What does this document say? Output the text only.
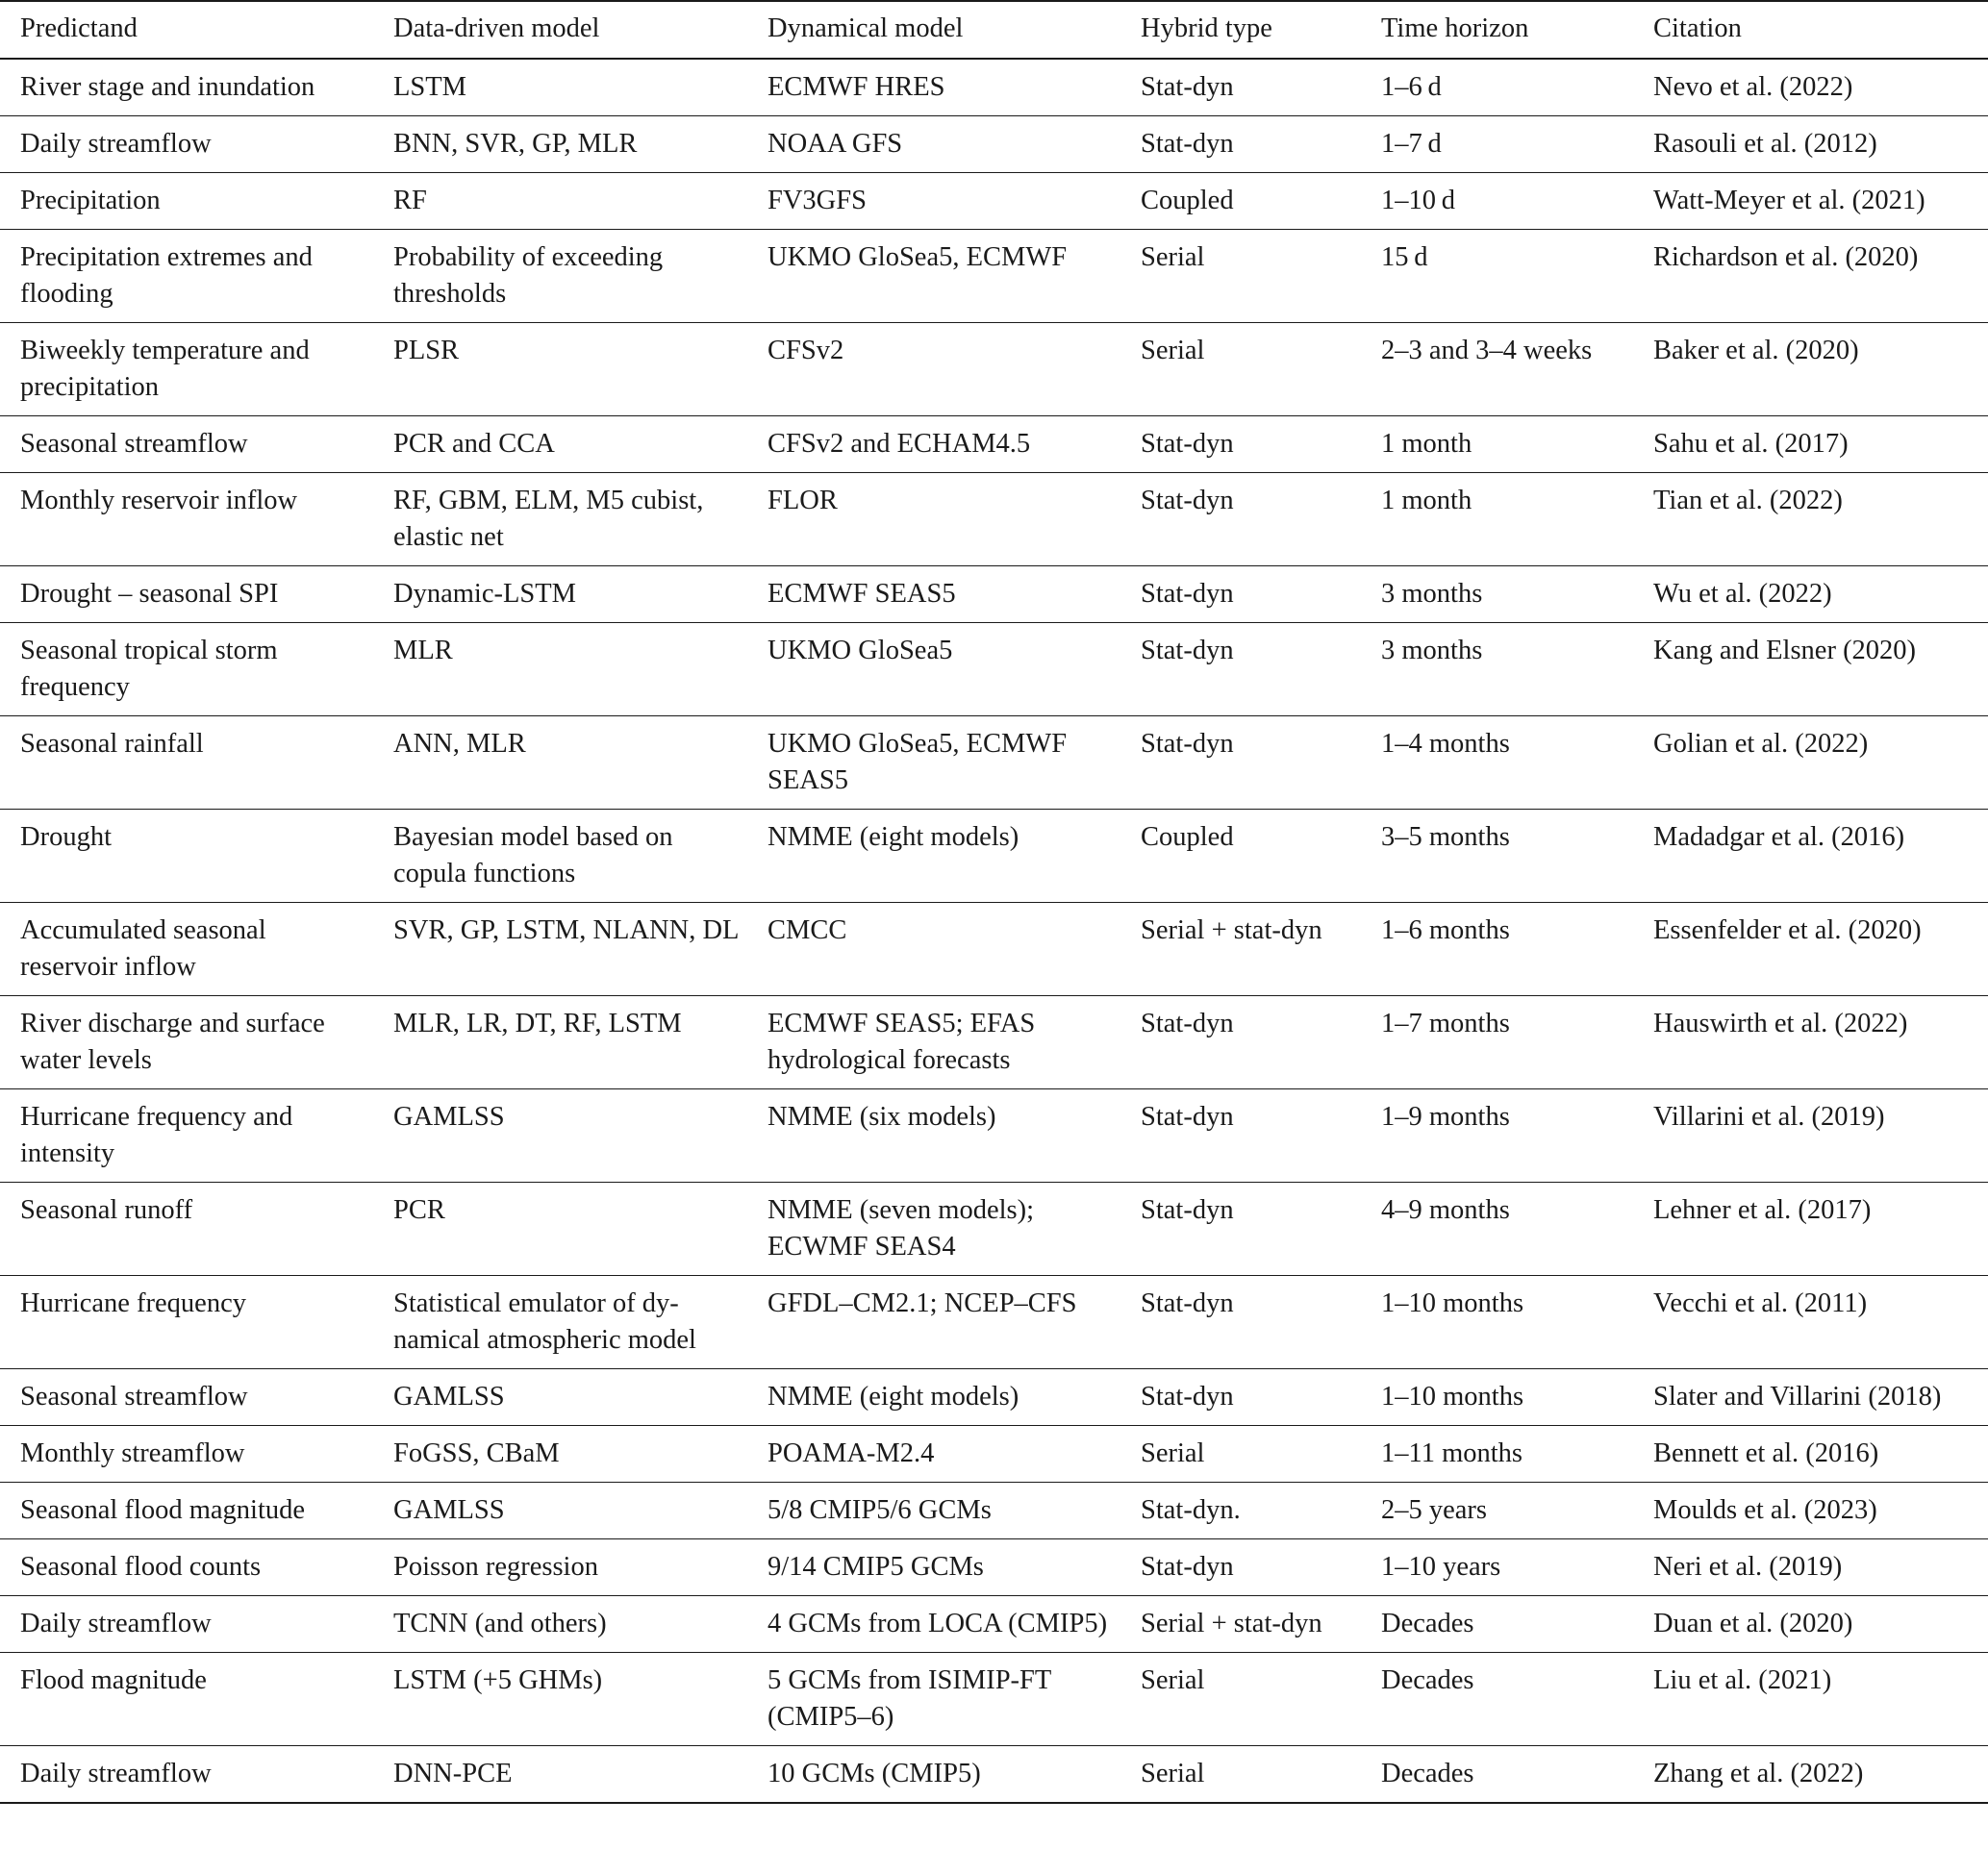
Predictand	Data-driven model	Dynamical model	Hybrid type	Time horizon	Citation
River stage and inundation	LSTM	ECMWF HRES	Stat-dyn	1–6 d	Nevo et al. (2022)
Daily streamflow	BNN, SVR, GP, MLR	NOAA GFS	Stat-dyn	1–7 d	Rasouli et al. (2012)
Precipitation	RF	FV3GFS	Coupled	1–10 d	Watt-Meyer et al. (2021)
Precipitation extremes and flooding	Probability of exceeding thresholds	UKMO GloSea5, ECMWF	Serial	15 d	Richardson et al. (2020)
Biweekly temperature and precipitation	PLSR	CFSv2	Serial	2–3 and 3–4 weeks	Baker et al. (2020)
Seasonal streamflow	PCR and CCA	CFSv2 and ECHAM4.5	Stat-dyn	1 month	Sahu et al. (2017)
Monthly reservoir inflow	RF, GBM, ELM, M5 cubist, elastic net	FLOR	Stat-dyn	1 month	Tian et al. (2022)
Drought – seasonal SPI	Dynamic-LSTM	ECMWF SEAS5	Stat-dyn	3 months	Wu et al. (2022)
Seasonal tropical storm frequency	MLR	UKMO GloSea5	Stat-dyn	3 months	Kang and Elsner (2020)
Seasonal rainfall	ANN, MLR	UKMO GloSea5, ECMWF SEAS5	Stat-dyn	1–4 months	Golian et al. (2022)
Drought	Bayesian model based on copula functions	NMME (eight models)	Coupled	3–5 months	Madadgar et al. (2016)
Accumulated seasonal reservoir inflow	SVR, GP, LSTM, NLANN, DL	CMCC	Serial + stat-dyn	1–6 months	Essenfelder et al. (2020)
River discharge and surface water levels	MLR, LR, DT, RF, LSTM	ECMWF SEAS5; EFAS hydrological forecasts	Stat-dyn	1–7 months	Hauswirth et al. (2022)
Hurricane frequency and intensity	GAMLSS	NMME (six models)	Stat-dyn	1–9 months	Villarini et al. (2019)
Seasonal runoff	PCR	NMME (seven models); ECWMF SEAS4	Stat-dyn	4–9 months	Lehner et al. (2017)
Hurricane frequency	Statistical emulator of dy-namical atmospheric model	GFDL–CM2.1; NCEP–CFS	Stat-dyn	1–10 months	Vecchi et al. (2011)
Seasonal streamflow	GAMLSS	NMME (eight models)	Stat-dyn	1–10 months	Slater and Villarini (2018)
Monthly streamflow	FoGSS, CBaM	POAMA-M2.4	Serial	1–11 months	Bennett et al. (2016)
Seasonal flood magnitude	GAMLSS	5/8 CMIP5/6 GCMs	Stat-dyn.	2–5 years	Moulds et al. (2023)
Seasonal flood counts	Poisson regression	9/14 CMIP5 GCMs	Stat-dyn	1–10 years	Neri et al. (2019)
Daily streamflow	TCNN (and others)	4 GCMs from LOCA (CMIP5)	Serial + stat-dyn	Decades	Duan et al. (2020)
Flood magnitude	LSTM (+5 GHMs)	5 GCMs from ISIMIP-FT (CMIP5–6)	Serial	Decades	Liu et al. (2021)
Daily streamflow	DNN-PCE	10 GCMs (CMIP5)	Serial	Decades	Zhang et al. (2022)
